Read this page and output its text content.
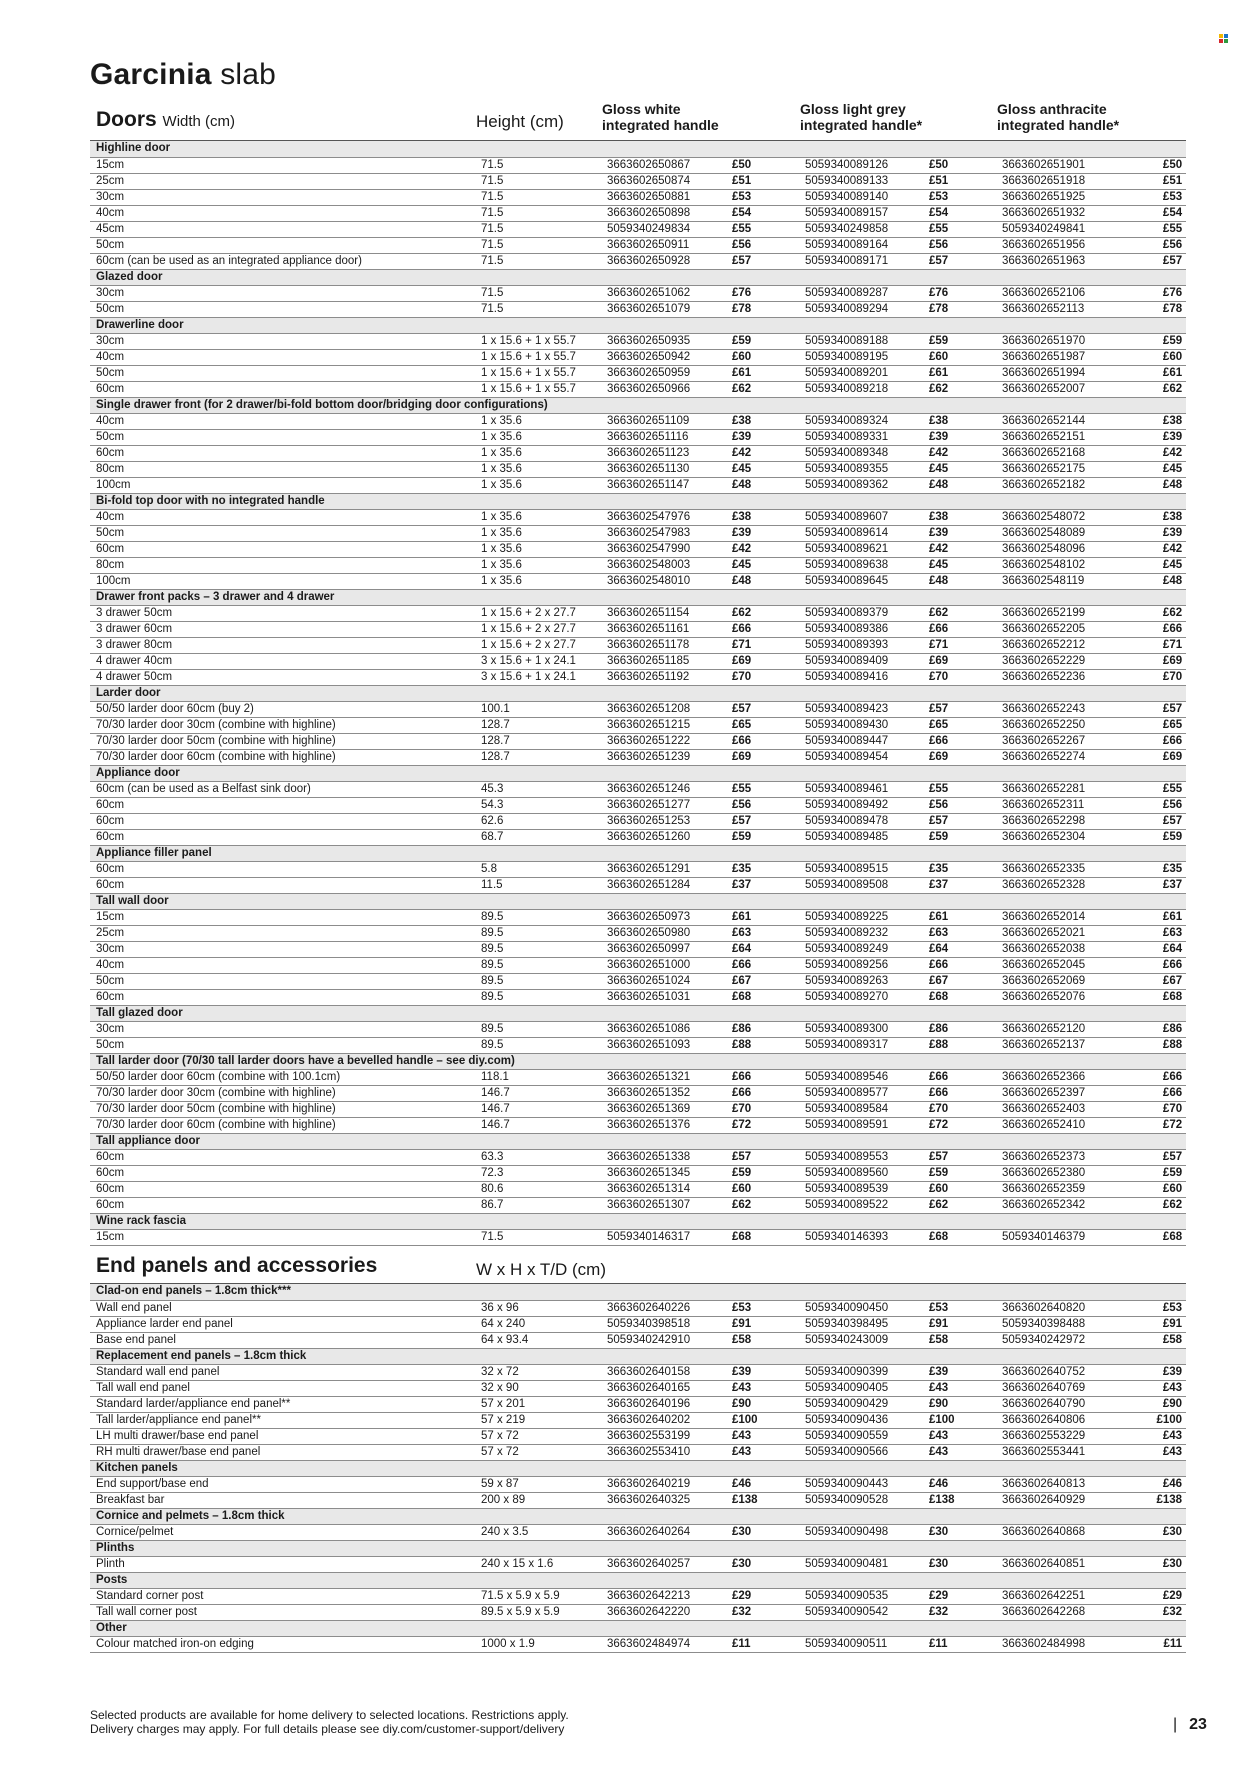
Garcinia slab
Doors Width (cm)	Height (cm)
Gloss white
integrated handle
Gloss light grey
integrated handle*
Gloss anthracite
integrated handle*
Highline door							
15cm	71.5	3663602650867	£50	5059340089126	£50	3663602651901	£50
25cm	71.5	3663602650874	£51	5059340089133	£51	3663602651918	£51
30cm	71.5	3663602650881	£53	5059340089140	£53	3663602651925	£53
40cm	71.5	3663602650898	£54	5059340089157	£54	3663602651932	£54
45cm	71.5	5059340249834	£55	5059340249858	£55	5059340249841	£55
50cm	71.5	3663602650911	£56	5059340089164	£56	3663602651956	£56
60cm (can be used as an integrated appliance door)	71.5	3663602650928	£57	5059340089171	£57	3663602651963	£57
Glazed door							
30cm	71.5	3663602651062	£76	5059340089287	£76	3663602652106	£76
50cm	71.5	3663602651079	£78	5059340089294	£78	3663602652113	£78
Drawerline door							
30cm	1 x 15.6 + 1 x 55.7	3663602650935	£59	5059340089188	£59	3663602651970	£59
40cm	1 x 15.6 + 1 x 55.7	3663602650942	£60	5059340089195	£60	3663602651987	£60
50cm	1 x 15.6 + 1 x 55.7	3663602650959	£61	5059340089201	£61	3663602651994	£61
60cm	1 x 15.6 + 1 x 55.7	3663602650966	£62	5059340089218	£62	3663602652007	£62
Single drawer front (for 2 drawer/bi-fold bottom door/bridging door configurations)							
40cm	1 x 35.6	3663602651109	£38	5059340089324	£38	3663602652144	£38
50cm	1 x 35.6	3663602651116	£39	5059340089331	£39	3663602652151	£39
60cm	1 x 35.6	3663602651123	£42	5059340089348	£42	3663602652168	£42
80cm	1 x 35.6	3663602651130	£45	5059340089355	£45	3663602652175	£45
100cm	1 x 35.6	3663602651147	£48	5059340089362	£48	3663602652182	£48
Bi-fold top door with no integrated handle							
40cm	1 x 35.6	3663602547976	£38	5059340089607	£38	3663602548072	£38
50cm	1 x 35.6	3663602547983	£39	5059340089614	£39	3663602548089	£39
60cm	1 x 35.6	3663602547990	£42	5059340089621	£42	3663602548096	£42
80cm	1 x 35.6	3663602548003	£45	5059340089638	£45	3663602548102	£45
100cm	1 x 35.6	3663602548010	£48	5059340089645	£48	3663602548119	£48
Drawer front packs – 3 drawer and 4 drawer							
3 drawer 50cm	1 x 15.6 + 2 x 27.7	3663602651154	£62	5059340089379	£62	3663602652199	£62
3 drawer 60cm	1 x 15.6 + 2 x 27.7	3663602651161	£66	5059340089386	£66	3663602652205	£66
3 drawer 80cm	1 x 15.6 + 2 x 27.7	3663602651178	£71	5059340089393	£71	3663602652212	£71
4 drawer 40cm	3 x 15.6 + 1 x 24.1	3663602651185	£69	5059340089409	£69	3663602652229	£69
4 drawer 50cm	3 x 15.6 + 1 x 24.1	3663602651192	£70	5059340089416	£70	3663602652236	£70
Larder door							
50/50 larder door 60cm (buy 2)	100.1	3663602651208	£57	5059340089423	£57	3663602652243	£57
70/30 larder door 30cm (combine with highline)	128.7	3663602651215	£65	5059340089430	£65	3663602652250	£65
70/30 larder door 50cm (combine with highline)	128.7	3663602651222	£66	5059340089447	£66	3663602652267	£66
70/30 larder door 60cm (combine with highline)	128.7	3663602651239	£69	5059340089454	£69	3663602652274	£69
Appliance door							
60cm (can be used as a Belfast sink door)	45.3	3663602651246	£55	5059340089461	£55	3663602652281	£55
60cm	54.3	3663602651277	£56	5059340089492	£56	3663602652311	£56
60cm	62.6	3663602651253	£57	5059340089478	£57	3663602652298	£57
60cm	68.7	3663602651260	£59	5059340089485	£59	3663602652304	£59
Appliance filler panel							
60cm	5.8	3663602651291	£35	5059340089515	£35	3663602652335	£35
60cm	11.5	3663602651284	£37	5059340089508	£37	3663602652328	£37
Tall wall door							
15cm	89.5	3663602650973	£61	5059340089225	£61	3663602652014	£61
25cm	89.5	3663602650980	£63	5059340089232	£63	3663602652021	£63
30cm	89.5	3663602650997	£64	5059340089249	£64	3663602652038	£64
40cm	89.5	3663602651000	£66	5059340089256	£66	3663602652045	£66
50cm	89.5	3663602651024	£67	5059340089263	£67	3663602652069	£67
60cm	89.5	3663602651031	£68	5059340089270	£68	3663602652076	£68
Tall glazed door							
30cm	89.5	3663602651086	£86	5059340089300	£86	3663602652120	£86
50cm	89.5	3663602651093	£88	5059340089317	£88	3663602652137	£88
Tall larder door (70/30 tall larder doors have a bevelled handle – see diy.com)							
50/50 larder door 60cm (combine with 100.1cm)	118.1	3663602651321	£66	5059340089546	£66	3663602652366	£66
70/30 larder door 30cm (combine with highline)	146.7	3663602651352	£66	5059340089577	£66	3663602652397	£66
70/30 larder door 50cm (combine with highline)	146.7	3663602651369	£70	5059340089584	£70	3663602652403	£70
70/30 larder door 60cm (combine with highline)	146.7	3663602651376	£72	5059340089591	£72	3663602652410	£72
Tall appliance door							
60cm	63.3	3663602651338	£57	5059340089553	£57	3663602652373	£57
60cm	72.3	3663602651345	£59	5059340089560	£59	3663602652380	£59
60cm	80.6	3663602651314	£60	5059340089539	£60	3663602652359	£60
60cm	86.7	3663602651307	£62	5059340089522	£62	3663602652342	£62
Wine rack fascia							
15cm	71.5	5059340146317	£68	5059340146393	£68	5059340146379	£68
End panels and accessories	W x H x T/D (cm)
Clad-on end panels – 1.8cm thick***							
Wall end panel	36 x 96	3663602640226	£53	5059340090450	£53	3663602640820	£53
Appliance larder end panel	64 x 240	5059340398518	£91	5059340398495	£91	5059340398488	£91
Base end panel	64 x 93.4	5059340242910	£58	5059340243009	£58	5059340242972	£58
Replacement end panels – 1.8cm thick							
Standard wall end panel	32 x 72	3663602640158	£39	5059340090399	£39	3663602640752	£39
Tall wall end panel	32 x 90	3663602640165	£43	5059340090405	£43	3663602640769	£43
Standard larder/appliance end panel**	57 x 201	3663602640196	£90	5059340090429	£90	3663602640790	£90
Tall larder/appliance end panel**	57 x 219	3663602640202	£100	5059340090436	£100	3663602640806	£100
LH multi drawer/base end panel	57 x 72	3663602553199	£43	5059340090559	£43	3663602553229	£43
RH multi drawer/base end panel	57 x 72	3663602553410	£43	5059340090566	£43	3663602553441	£43
Kitchen panels							
End support/base end	59 x 87	3663602640219	£46	5059340090443	£46	3663602640813	£46
Breakfast bar	200 x 89	3663602640325	£138	5059340090528	£138	3663602640929	£138
Cornice and pelmets – 1.8cm thick							
Cornice/pelmet	240 x 3.5	3663602640264	£30	5059340090498	£30	3663602640868	£30
Plinths							
Plinth	240 x 15 x 1.6	3663602640257	£30	5059340090481	£30	3663602640851	£30
Posts							
Standard corner post	71.5 x 5.9 x 5.9	3663602642213	£29	5059340090535	£29	3663602642251	£29
Tall wall corner post	89.5 x 5.9 x 5.9	3663602642220	£32	5059340090542	£32	3663602642268	£32
Other							
Colour matched iron-on edging	1000 x 1.9	3663602484974	£11	5059340090511	£11	3663602484998	£11
Selected products are available for home delivery to selected locations. Restrictions apply.
Delivery charges may apply. For full details please see diy.com/customer-support/delivery	| 23
